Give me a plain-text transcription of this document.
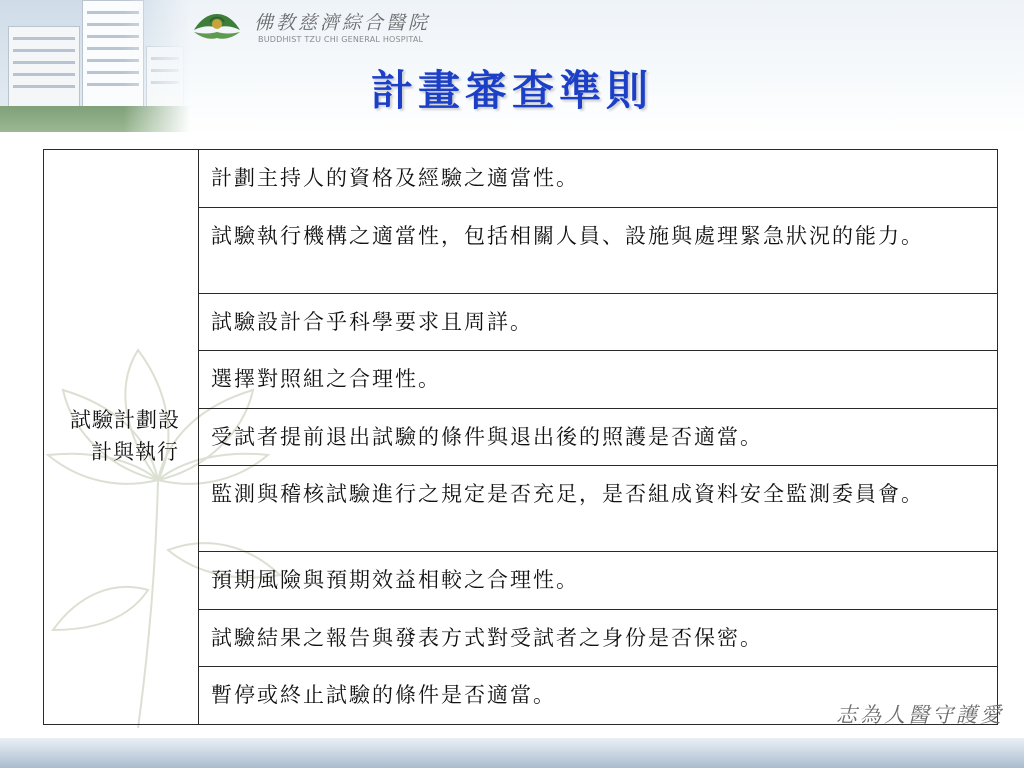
佛教慈濟綜合醫院
BUDDHIST TZU CHI GENERAL HOSPITAL
計畫審查準則
試驗計劃設計與執行
	計劃主持人的資格及經驗之適當性。
試驗執行機構之適當性，包括相關人員、設施與處理緊急狀況的能力。
試驗設計合乎科學要求且周詳。
選擇對照組之合理性。
受試者提前退出試驗的條件與退出後的照護是否適當。
監測與稽核試驗進行之規定是否充足，是否組成資料安全監測委員會。
預期風險與預期效益相較之合理性。
試驗結果之報告與發表方式對受試者之身份是否保密。
暫停或終止試驗的條件是否適當。
志為人醫守護愛
